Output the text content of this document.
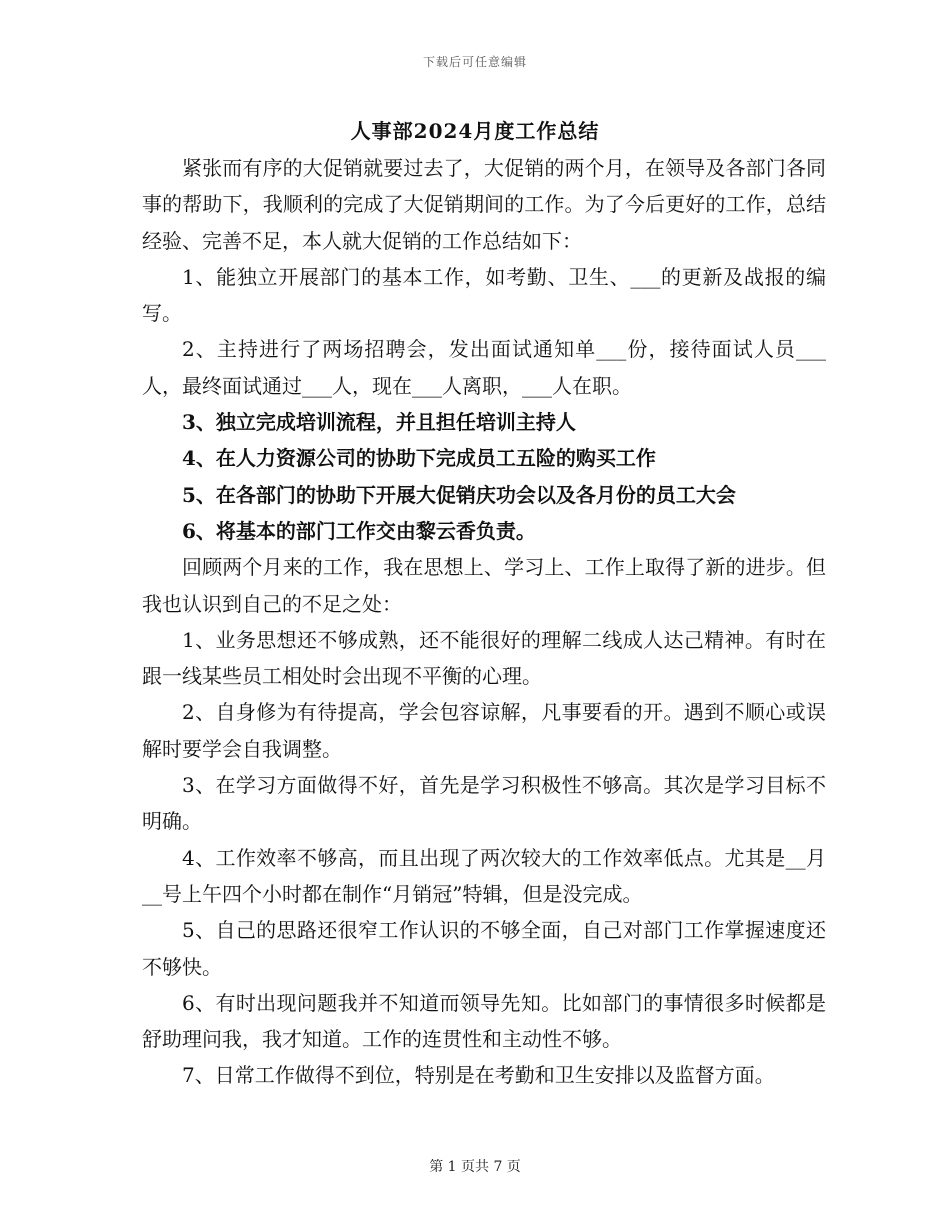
下载后可任意编辑
人事部2024月度工作总结

紧张而有序的大促销就要过去了，大促销的两个月，在领导及各部门各同事的帮助下，我顺利的完成了大促销期间的工作。为了今后更好的工作，总结经验、完善不足，本人就大促销的工作总结如下：

1、能独立开展部门的基本工作，如考勤、卫生、___的更新及战报的编写。

2、主持进行了两场招聘会，发出面试通知单___份，接待面试人员___人，最终面试通过___人，现在___人离职，___人在职。

3、独立完成培训流程，并且担任培训主持人

4、在人力资源公司的协助下完成员工五险的购买工作

5、在各部门的协助下开展大促销庆功会以及各月份的员工大会

6、将基本的部门工作交由黎云香负责。

回顾两个月来的工作，我在思想上、学习上、工作上取得了新的进步。但我也认识到自己的不足之处：

1、业务思想还不够成熟，还不能很好的理解二线成人达己精神。有时在跟一线某些员工相处时会出现不平衡的心理。

2、自身修为有待提高，学会包容谅解，凡事要看的开。遇到不顺心或误解时要学会自我调整。

3、在学习方面做得不好，首先是学习积极性不够高。其次是学习目标不明确。

4、工作效率不够高，而且出现了两次较大的工作效率低点。尤其是__月__号上午四个小时都在制作“月销冠”特辑，但是没完成。

5、自己的思路还很窄工作认识的不够全面，自己对部门工作掌握速度还不够快。

6、有时出现问题我并不知道而领导先知。比如部门的事情很多时候都是舒助理问我，我才知道。工作的连贯性和主动性不够。

7、日常工作做得不到位，特别是在考勤和卫生安排以及监督方面。

第 1 页共 7 页
